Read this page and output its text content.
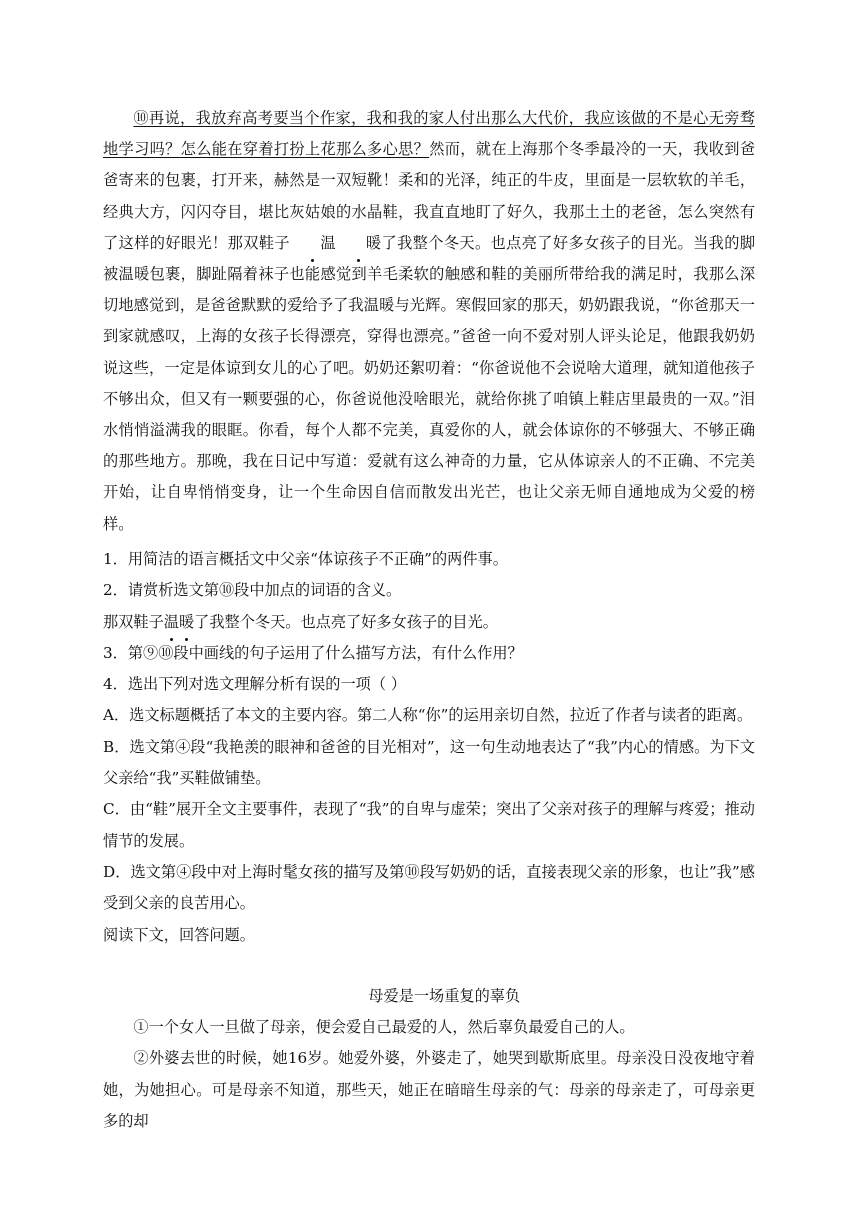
⑩再说，我放弃高考要当个作家，我和我的家人付出那么大代价，我应该做的不是心无旁骛地学习吗？怎么能在穿着打扮上花那么多心思？然而，就在上海那个冬季最冷的一天，我收到爸爸寄来的包裹，打开来，赫然是一双短靴！柔和的光泽，纯正的牛皮，里面是一层软软的羊毛，经典大方，闪闪夺目，堪比灰姑娘的水晶鞋，我直直地盯了好久，我那土土的老爸，怎么突然有了这样的好眼光！那双鞋子 温 暖了我整个冬天。也点亮了好多女孩子的目光。当我的脚被温暖包裹，脚趾隔着袜子也能感觉到羊毛柔软的触感和鞋的美丽所带给我的满足时，我那么深切地感觉到，是爸爸默默的爱给予了我温暖与光辉。寒假回家的那天，奶奶跟我说，“你爸那天一到家就感叹，上海的女孩子长得漂亮，穿得也漂亮。”爸爸一向不爱对别人评头论足，他跟我奶奶说这些，一定是体谅到女儿的心了吧。奶奶还絮叨着：“你爸说他不会说啥大道理，就知道他孩子不够出众，但又有一颗要强的心，你爸说他没啥眼光，就给你挑了咱镇上鞋店里最贵的一双。”泪水悄悄溢满我的眼眶。你看，每个人都不完美，真爱你的人，就会体谅你的不够强大、不够正确的那些地方。那晚，我在日记中写道：爱就有这么神奇的力量，它从体谅亲人的不正确、不完美开始，让自卑悄悄变身，让一个生命因自信而散发出光芒，也让父亲无师自通地成为父爱的榜样。

1．用简洁的语言概括文中父亲“体谅孩子不正确”的两件事。

2．请赏析选文第⑩段中加点的词语的含义。

那双鞋子温暖了我整个冬天。也点亮了好多女孩子的目光。

3．第⑨⑩段中画线的句子运用了什么描写方法，有什么作用？

4．选出下列对选文理解分析有误的一项（ ）

A．选文标题概括了本文的主要内容。第二人称“你”的运用亲切自然，拉近了作者与读者的距离。

B．选文第④段“我艳羡的眼神和爸爸的目光相对”，这一句生动地表达了“我”内心的情感。为下文父亲给“我”买鞋做铺垫。

C．由“鞋”展开全文主要事件，表现了“我”的自卑与虚荣；突出了父亲对孩子的理解与疼爱；推动情节的发展。

D．选文第④段中对上海时髦女孩的描写及第⑩段写奶奶的话，直接表现父亲的形象，也让”我”感受到父亲的良苦用心。

阅读下文，回答问题。

母爱是一场重复的辜负

①一个女人一旦做了母亲，便会爱自己最爱的人，然后辜负最爱自己的人。

②外婆去世的时候，她16岁。她爱外婆，外婆走了，她哭到歇斯底里。母亲没日没夜地守着她，为她担心。可是母亲不知道，那些天，她正在暗暗生母亲的气：母亲的母亲走了，可母亲更多的却
